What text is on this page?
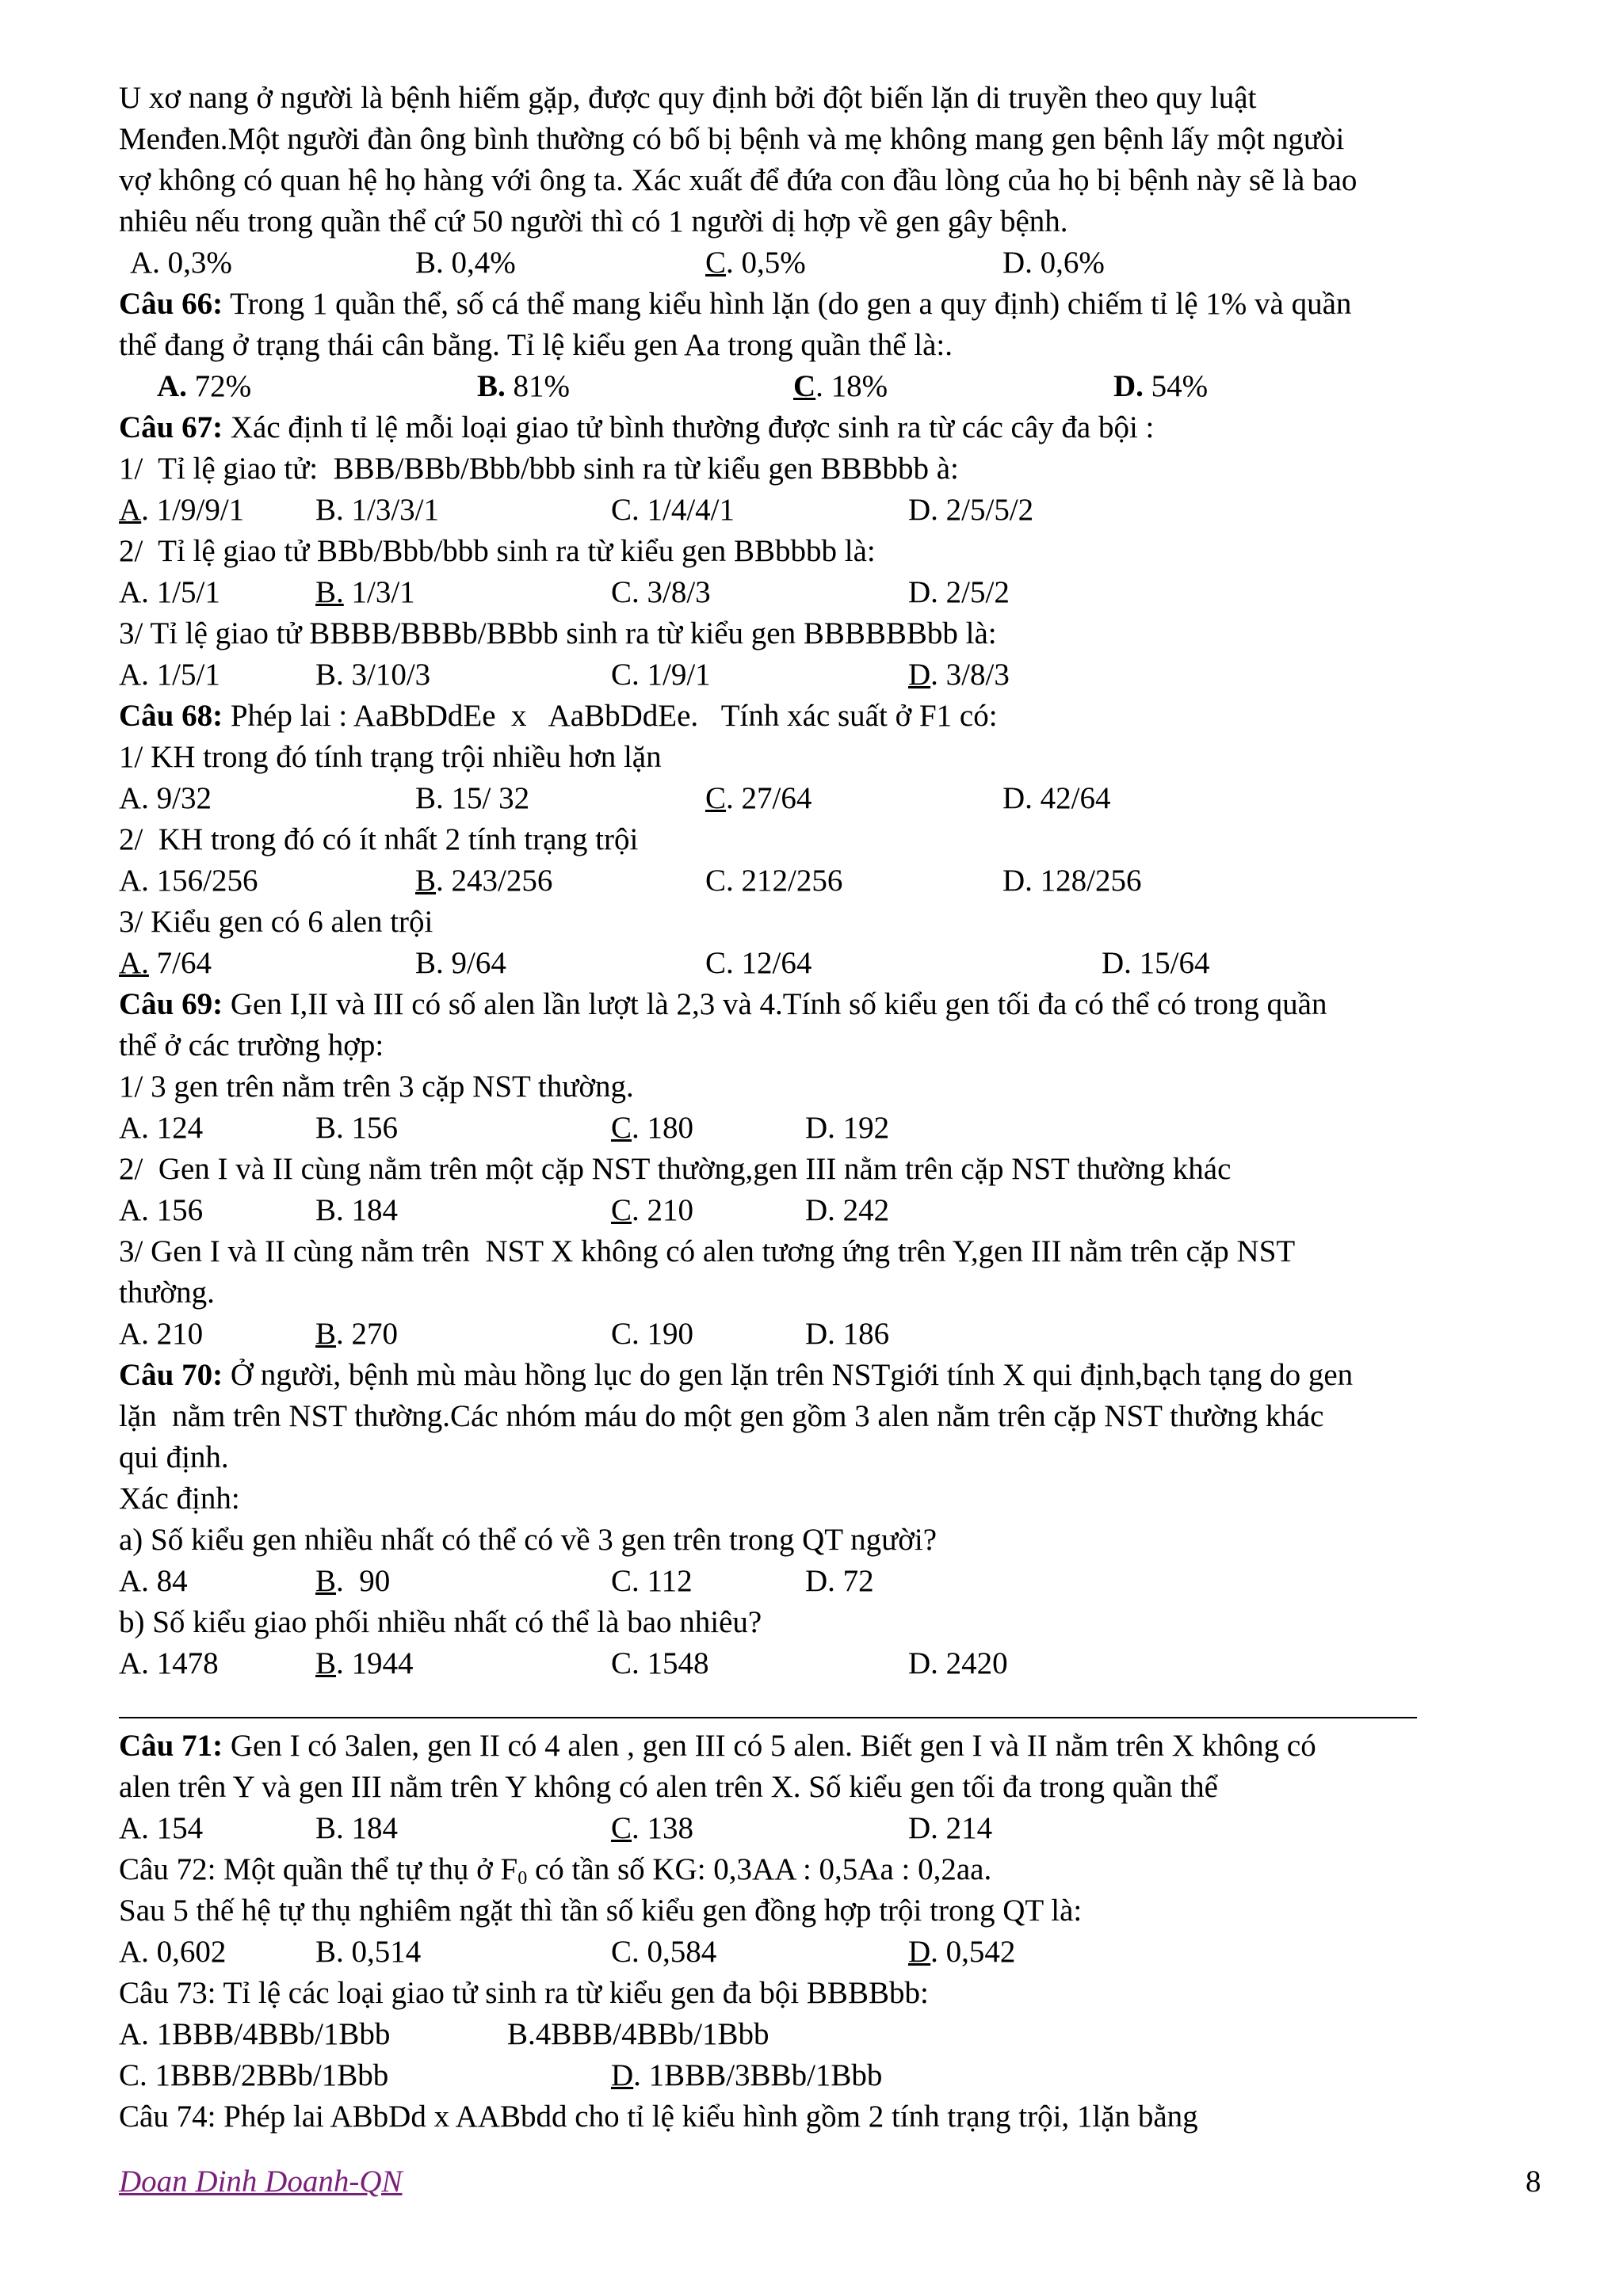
U xơ nang ở người là bệnh hiếm gặp, được quy định bởi đột biến lặn di truyền theo quy luật
Menđen.Một người đàn ông bình thường có bố bị bệnh và mẹ không mang gen bệnh lấy một ngưòi
vợ không có quan hệ họ hàng với ông ta. Xác xuất để đứa con đầu lòng của họ bị bệnh này sẽ là bao
nhiêu nếu trong quần thể cứ 50 người thì có 1 người dị hợp về gen gây bệnh.
A. 0,3%	B. 0,4%	C. 0,5%	D. 0,6%
Câu 66: Trong 1 quần thể, số cá thể mang kiểu hình lặn (do gen a quy định) chiếm tỉ lệ 1% và quần
thể đang ở trạng thái cân bằng. Tỉ lệ kiểu gen Aa trong quần thể là:.
A. 72%	B. 81%	C. 18%	D. 54%
Câu 67: Xác định tỉ lệ mỗi loại giao tử bình thường được sinh ra từ các cây đa bội :
1/  Tỉ lệ giao tử:  BBB/BBb/Bbb/bbb sinh ra từ kiểu gen BBBbbb à:
A. 1/9/9/1 B. 1/3/3/1	C. 1/4/4/1	D. 2/5/5/2
2/  Tỉ lệ giao tử BBb/Bbb/bbb sinh ra từ kiểu gen BBbbbb là:
A. 1/5/1	B. 1/3/1	C. 3/8/3	D. 2/5/2
3/ Tỉ lệ giao tử BBBB/BBBb/BBbb sinh ra từ kiểu gen BBBBBBbb là:
A. 1/5/1	B. 3/10/3	C. 1/9/1	D. 3/8/3
Câu 68: Phép lai : AaBbDdEe  x   AaBbDdEe.   Tính xác suất ở F1 có:
1/ KH trong đó tính trạng trội nhiều hơn lặn
A. 9/32	B. 15/ 32	C. 27/64	D. 42/64
2/  KH trong đó có ít nhất 2 tính trạng trội
A. 156/256	B. 243/256	C. 212/256	D. 128/256
3/ Kiểu gen có 6 alen trội
A. 7/64	B. 9/64	C. 12/64	D. 15/64
Câu 69: Gen I,II và III có số alen lần lượt là 2,3 và 4.Tính số kiểu gen tối đa có thể có trong quần
thể ở các trường hợp:
1/ 3 gen trên nằm trên 3 cặp NST thường.
A. 124	B. 156	C. 180	D. 192
2/  Gen I và II cùng nằm trên một cặp NST thường,gen III nằm trên cặp NST thường khác
A. 156	B. 184	C. 210	D. 242
3/ Gen I và II cùng nằm trên  NST X không có alen tương ứng trên Y,gen III nằm trên cặp NST
thường.
A. 210	B. 270	C. 190	D. 186
Câu 70: Ở người, bệnh mù màu hồng lục do gen lặn trên NSTgiới tính X qui định,bạch tạng do gen
lặn  nằm trên NST thường.Các nhóm máu do một gen gồm 3 alen nằm trên cặp NST thường khác
qui định.
Xác định:
a) Số kiểu gen nhiều nhất có thể có về 3 gen trên trong QT người?
A. 84	B.  90	C. 112	D. 72
b) Số kiểu giao phối nhiều nhất có thể là bao nhiêu?
A. 1478	B. 1944	C. 1548	D. 2420
Câu 71: Gen I có 3alen, gen II có 4 alen , gen III có 5 alen. Biết gen I và II nằm trên X không có
alen trên Y và gen III nằm trên Y không có alen trên X. Số kiểu gen tối đa trong quần thể
A. 154	B. 184	C. 138	D. 214
Câu 72: Một quần thể tự thụ ở $F_0$ có tần số KG: 0,3AA : 0,5Aa : 0,2aa.
Sau 5 thế hệ tự thụ nghiêm ngặt thì tần số kiểu gen đồng hợp trội trong QT là:
A. 0,602	B. 0,514	C. 0,584	D. 0,542
Câu 73: Tỉ lệ các loại giao tử sinh ra từ kiểu gen đa bội BBBBbb:
A. 1BBB/4BBb/1Bbb	B.4BBB/4BBb/1Bbb
C. 1BBB/2BBb/1Bbb	D. 1BBB/3BBb/1Bbb
Câu 74: Phép lai ABbDd x AABbdd cho tỉ lệ kiểu hình gồm 2 tính trạng trội, 1lặn bằng
Doan Dinh Doanh-QN	8
